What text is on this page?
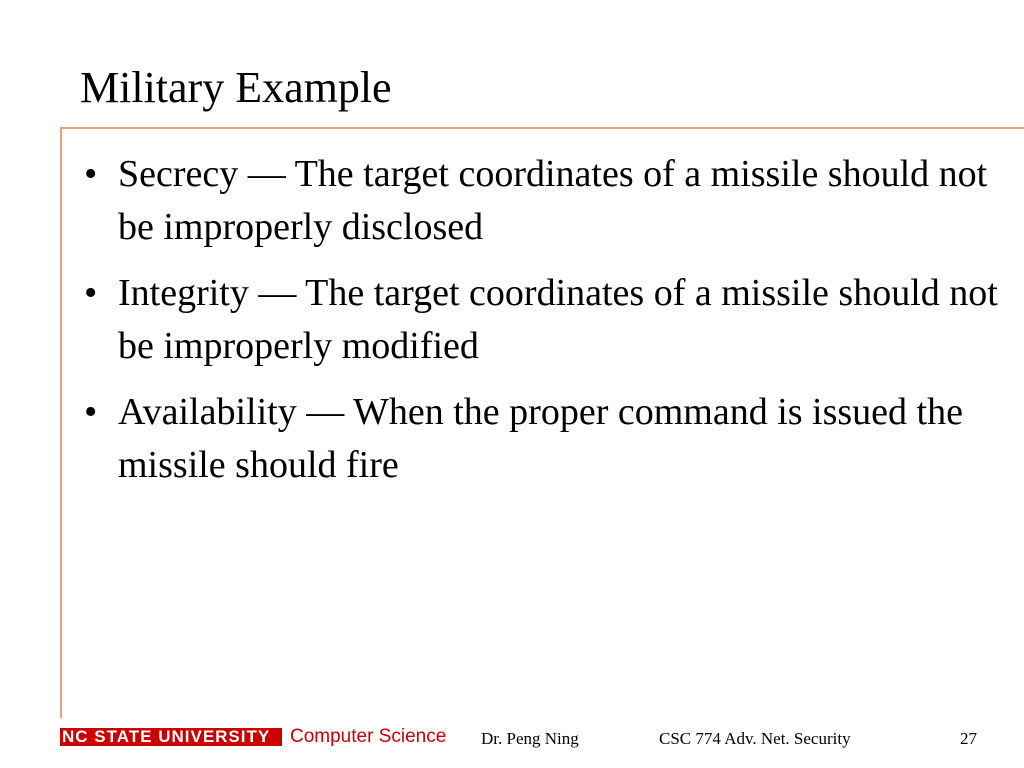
Military Example
• Secrecy — The target coordinates of a missile should not be improperly disclosed
• Integrity — The target coordinates of a missile should not be improperly modified
• Availability — When the proper command is issued the missile should fire
NC STATE UNIVERSITY	Computer Science Dr. Peng Ning	CSC 774 Adv. Net. Security	27
